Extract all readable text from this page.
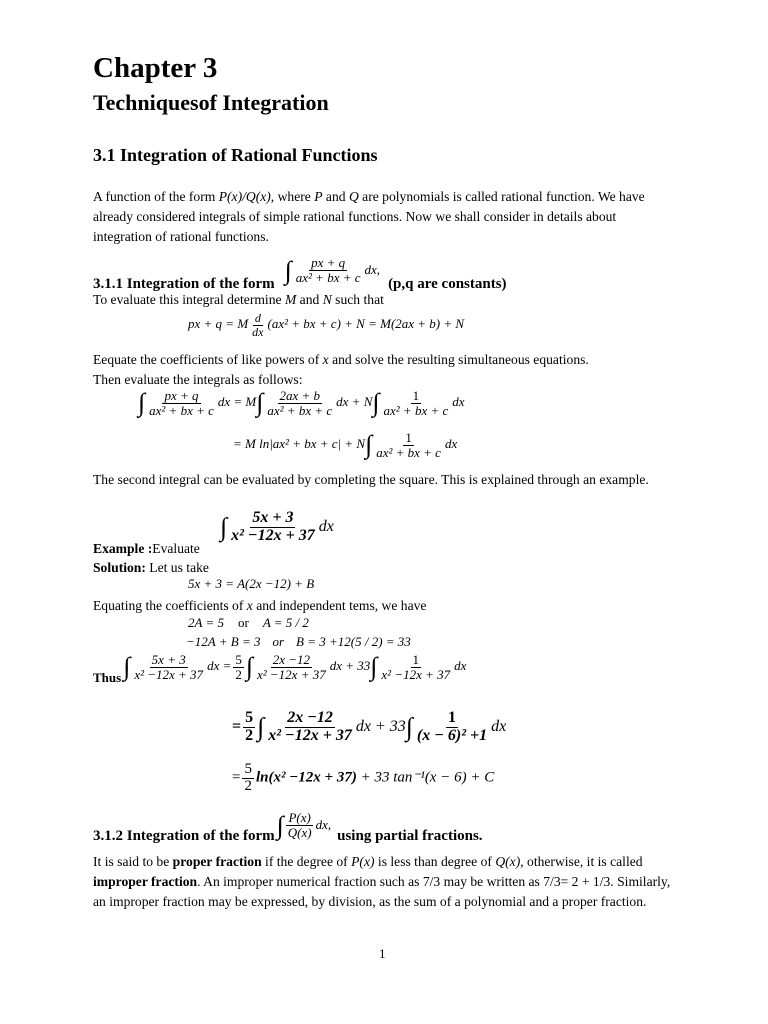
Chapter 3
Techniquesof Integration
3.1 Integration of Rational Functions
A function of the form P(x)/Q(x), where P and Q are polynomials is called rational function. We have already considered integrals of simple rational functions. Now we shall consider in details about integration of rational functions.
3.1.1 Integration of the form ∫ $\frac{px + q}{\text{ax² + bx + c}}$ dx,
(p,q are constants)
To evaluate this integral determine M and N such that
px + q = M $\frac{d}{dx} (ax^2$ + bx + c) + N = M(2ax + b) + N
Eequate the coefficients of like powers of x and solve the resulting simultaneous equations.
Then evaluate the integrals as follows:
∫ $\frac{px + q}{\text{ax² + bx + c}}$ dx = $M\int \frac{2ax + b}{\text{ax² + bx + c}}$ dx + $N\int \frac{1}{\text{ax² + bx + c}}$ dx
= M ln|ax² + bx + $c| + N\int \frac{1}{\text{ax² + bx + c}}$ dx
The second integral can be evaluated by completing the square. This is explained through an example.
∫ $\frac{5x + 3}{\text{x² −12x + 37}}$ dx
Example :Evaluate
Solution: Let us take
5x + 3 = A(2x −12) + B
Equating the coefficients of x and independent tems, we have
2A = 5 or A = 5 / 2
−12A + B = 3 or B = 3 +12(5 / 2) = 33
Thus ∫ $\frac{5x + 3}{\text{x² −12x + 37}}$ dx = $\frac{5}{2}$ ∫ $\frac{2x -12}{\text{x² −12x + 37}}$ dx + $33\int \frac{1}{\text{x² −12x + 37}}$ dx
= $\frac{5}{2}$ ∫ $\frac{2x -12}{\text{x² −12x + 37}}$ dx + $33\int \frac{1}{\text{(x − 6)² +1}}$ dx
= $\frac{5}{2} \ln(x^2 -12x + 37) + 33$ tan⁻¹(x − 6) + C
3.1.2 Integration of the form ∫ $\frac{P(x)}{Q(x)}$ dx,
using partial fractions.
It is said to be proper fraction if the degree of P(x) is less than degree of Q(x), otherwise, it is called improper fraction. An improper numerical fraction such as 7/3 may be written as 7/3= 2 + 1/3. Similarly, an improper fraction may be expressed, by division, as the sum of a polynomial and a proper fraction.
1
